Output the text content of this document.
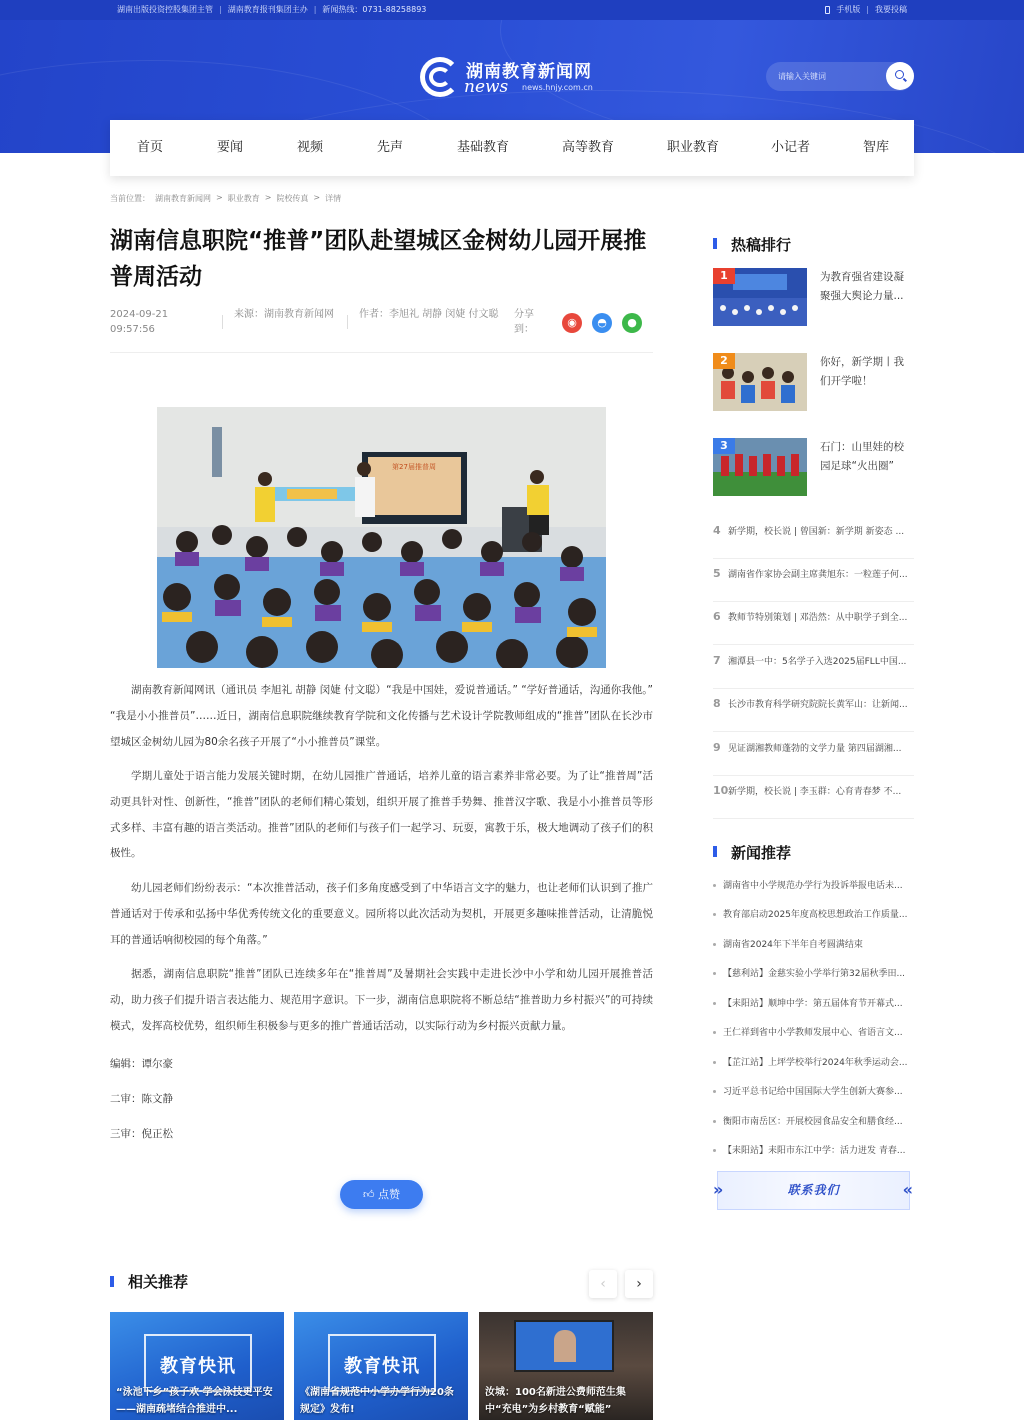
湖南出版投资控股集团主管 | 湖南教育报刊集团主办 | 新闻热线：0731-88258893	手机版 | 我要投稿
湖南教育新闻网
news news.hnjy.com.cn
请输入关键词
首页	要闻	视频	先声	基础教育	高等教育	职业教育	小记者	智库
当前位置： 湖南教育新闻网 > 职业教育 > 院校传真 > 详情
湖南信息职院“推普”团队赴望城区金树幼儿园开展推普周活动
2024-09-21
09:57:56
来源：湖南教育新闻网	作者：李旭礼 胡静 闵婕 付文聪	分享到：
◉	◓	●
第27届推普周

湖南教育新闻网讯（通讯员 李旭礼 胡静 闵婕 付文聪）“我是中国娃，爱说普通话。” “学好普通话，沟通你我他。” “我是小小推普员”……近日，湖南信息职院继续教育学院和文化传播与艺术设计学院教师组成的“推普”团队在长沙市望城区金树幼儿园为80余名孩子开展了“小小推普员”课堂。

学期儿童处于语言能力发展关键时期，在幼儿园推广普通话，培养儿童的语言素养非常必要。为了让“推普周”活动更具针对性、创新性，“推普”团队的老师们精心策划，组织开展了推普手势舞、推普汉字歌、我是小小推普员等形式多样、丰富有趣的语言类活动。推普”团队的老师们与孩子们一起学习、玩耍，寓教于乐，极大地调动了孩子们的积极性。

幼儿园老师们纷纷表示：“本次推普活动，孩子们多角度感受到了中华语言文字的魅力，也让老师们认识到了推广普通话对于传承和弘扬中华优秀传统文化的重要意义。园所将以此次活动为契机，开展更多趣味推普活动，让清脆悦耳的普通话响彻校园的每个角落。”

据悉，湖南信息职院“推普”团队已连续多年在“推普周”及暑期社会实践中走进长沙中小学和幼儿园开展推普活动，助力孩子们提升语言表达能力、规范用字意识。下一步，湖南信息职院将不断总结“推普助力乡村振兴”的可持续模式，发挥高校优势，组织师生积极参与更多的推广普通话活动，以实际行动为乡村振兴贡献力量。

编辑：谭尔豪
二审：陈文静
三审：倪正松
👍︎ 点赞
相关推荐	‹	›
教育快讯
“泳池下乡”孩子欢 学会泳技更平安——湖南疏堵结合推进中...
教育快讯
《湖南省规范中小学办学行为20条规定》发布!
汝城：100名新进公费师范生集中“充电”为乡村教育“赋能”
热稿排行
1	为教育强省建设凝聚强大舆论力量...
2	你好，新学期丨我们开学啦！
3	石门：山里娃的校园足球“火出圈”
4 新学期，校长说 | 曾国新：新学期 新姿态 ...
5 湖南省作家协会副主席龚旭东：一粒莲子何...
6 教师节特别策划 | 邓浩然：从中职学子到全...
7 湘潭县一中：5名学子入选2025届FLL中国...
8 长沙市教育科学研究院院长黄军山：让新闻...
9 见证湖湘教师蓬勃的文学力量 第四届湖湘...
10新学期，校长说 | 李玉群：心育青春梦 不...
新闻推荐
湖南省中小学规范办学行为投诉举报电话未...
教育部启动2025年度高校思想政治工作质量...
湖南省2024年下半年自考圆满结束
【慈利站】金慈实验小学举行第32届秋季田...
【耒阳站】顺坤中学：第五届体育节开幕式...
王仁祥到省中小学教师发展中心、省语言文...
【芷江站】上坪学校举行2024年秋季运动会...
习近平总书记给中国国际大学生创新大赛参...
衡阳市南岳区：开展校园食品安全和膳食经...
【耒阳站】耒阳市东江中学：活力迸发 青春...
»	联系我们	«
